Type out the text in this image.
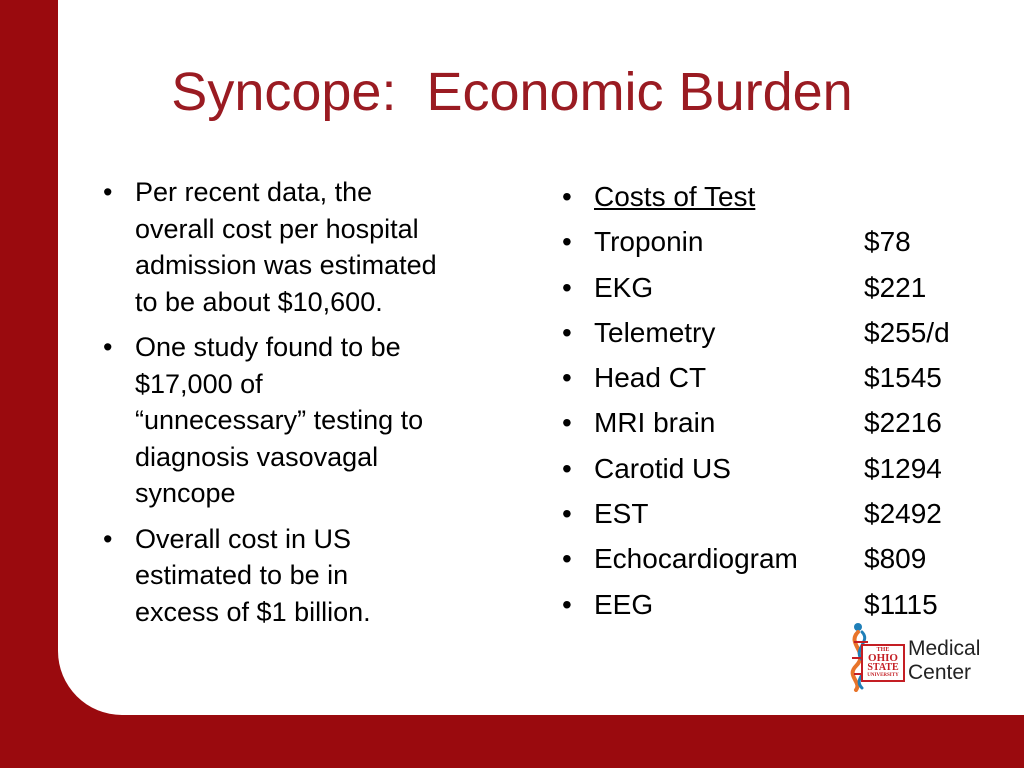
Syncope:  Economic Burden
• Per recent data, the
overall cost per hospital
admission was estimated
to be about $10,600.
• One study found to be
$17,000 of
“unnecessary” testing to
diagnosis vasovagal
syncope
• Overall cost in US
estimated to be in
excess of $1 billion.
• Costs of Test
• Troponin	$78
• EKG	$221
• Telemetry	$255/d
• Head CT	$1545
• MRI brain	$2216
• Carotid US	$1294
• EST	$2492
• Echocardiogram $809
• EEG	$1115
THE
OHIO
STATE
UNIVERSITY
Medical
Center
